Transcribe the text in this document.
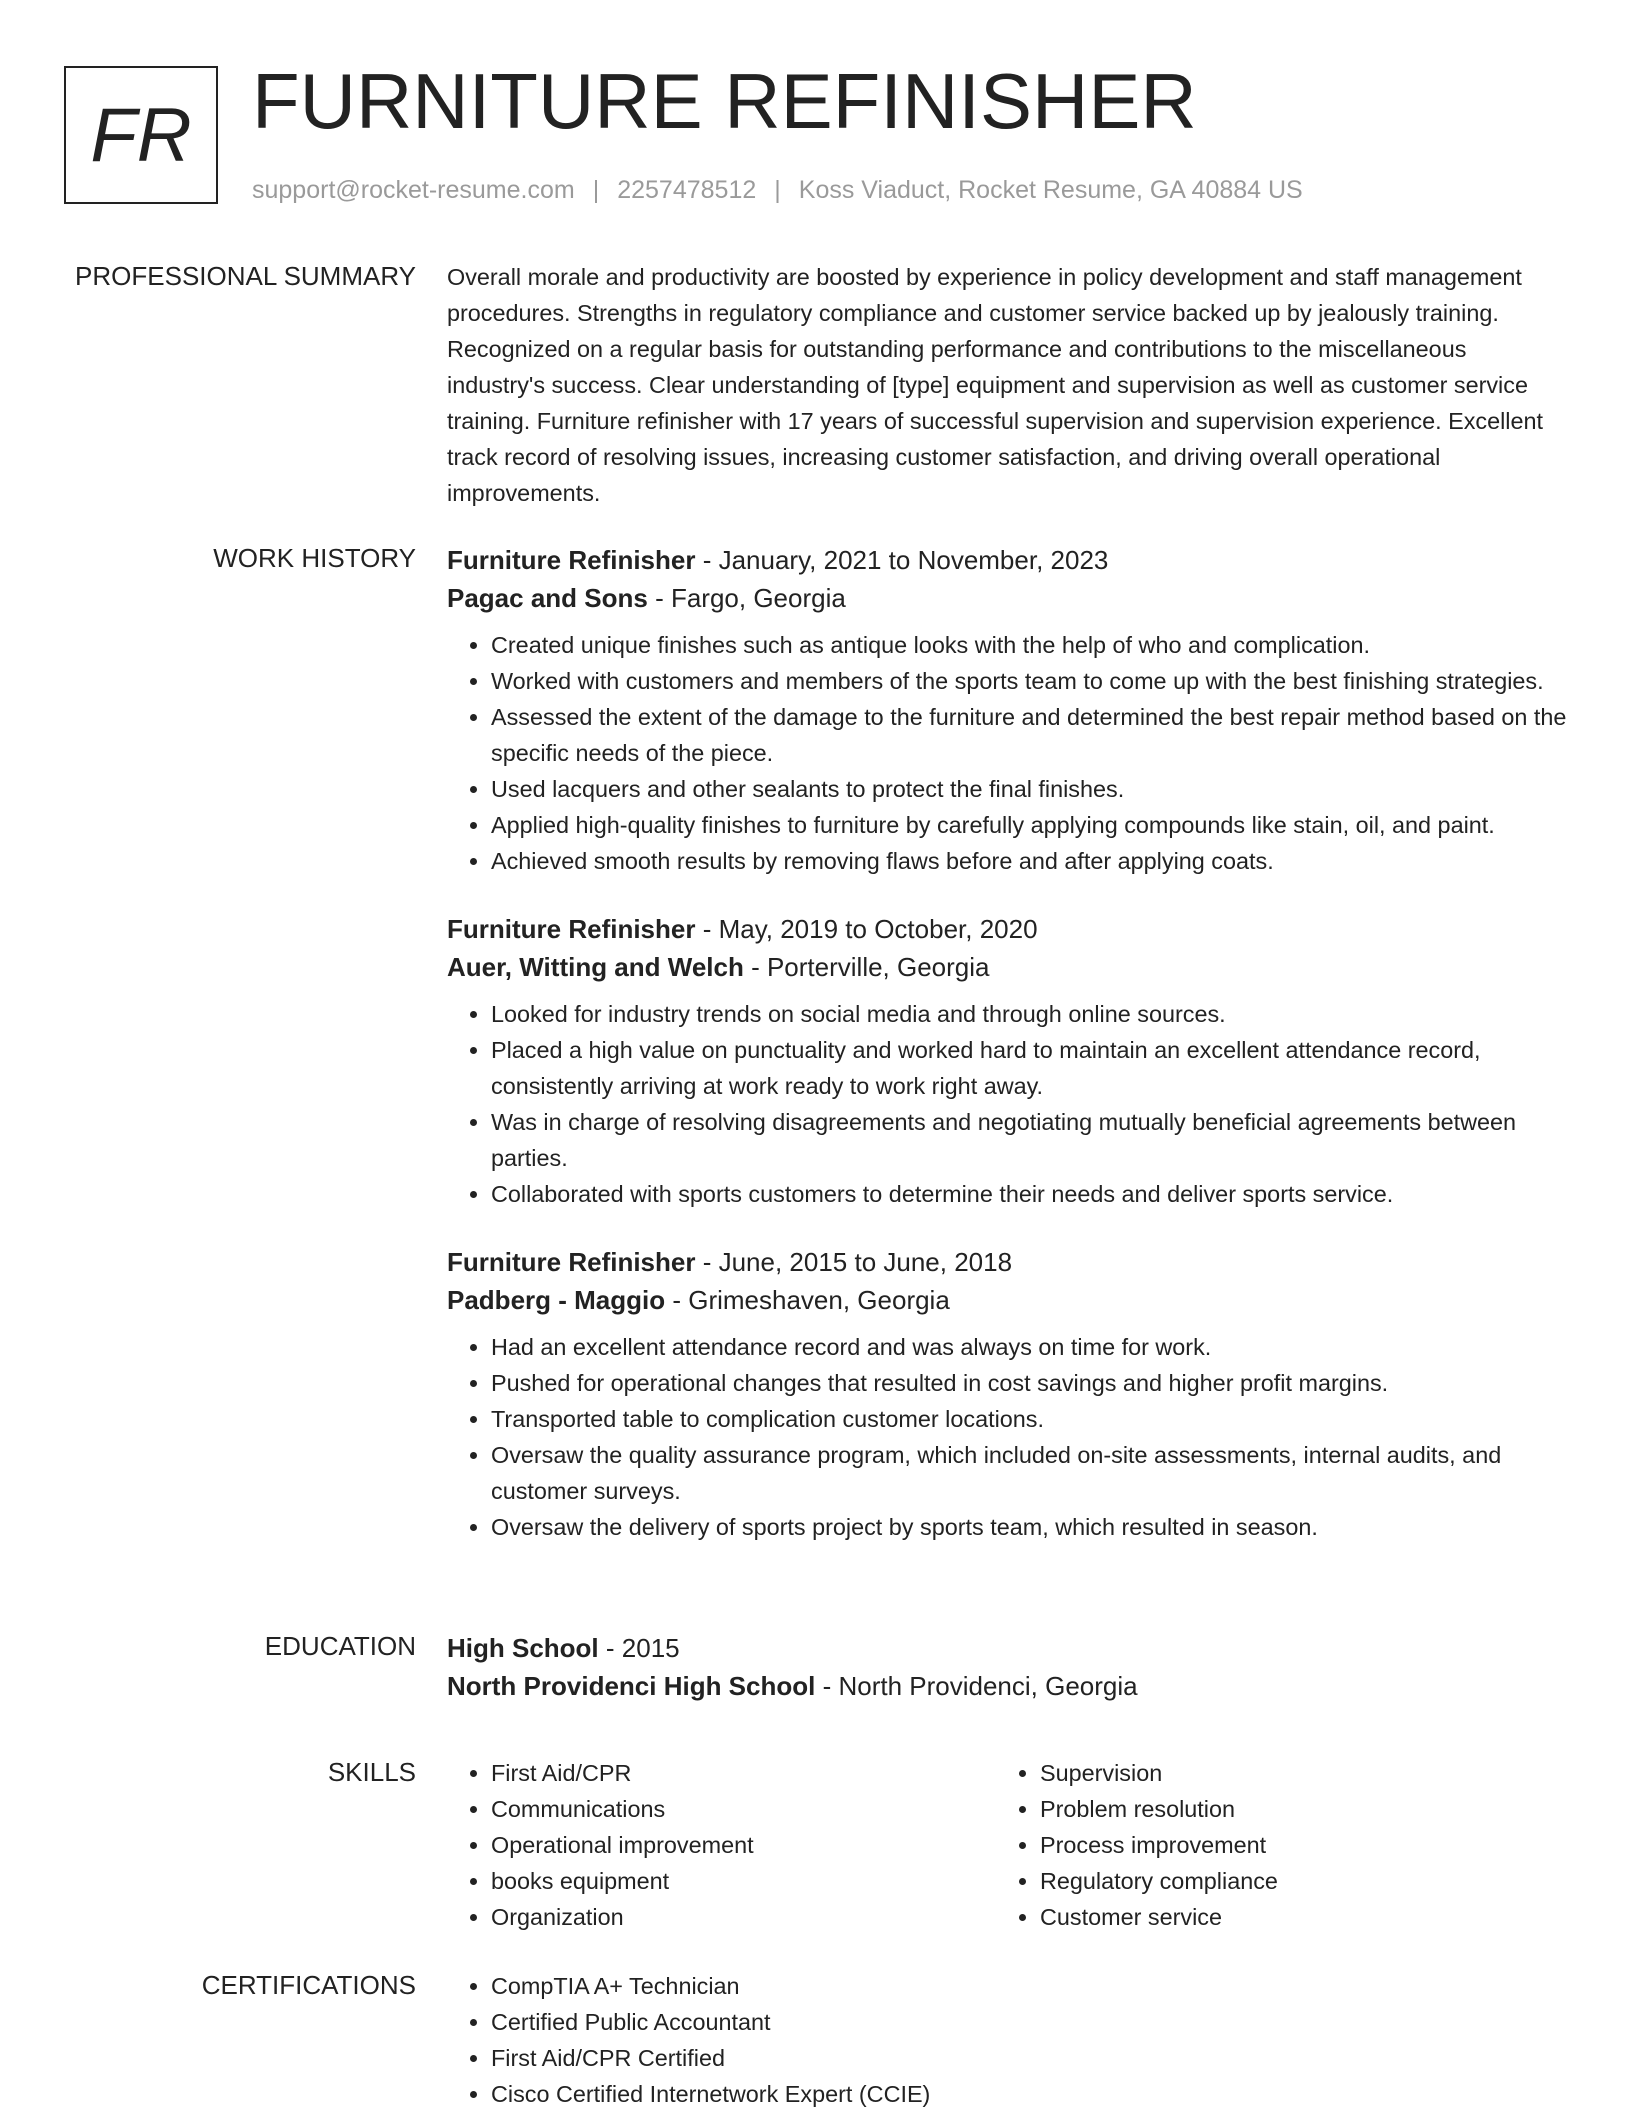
FR FURNITURE REFINISHER
support@rocket-resume.com | 2257478512 | Koss Viaduct, Rocket Resume, GA 40884 US
PROFESSIONAL SUMMARY Overall morale and productivity are boosted by experience in policy development and staff management procedures. Strengths in regulatory compliance and customer service backed up by jealously training. Recognized on a regular basis for outstanding performance and contributions to the miscellaneous industry's success. Clear understanding of [type] equipment and supervision as well as customer service training. Furniture refinisher with 17 years of successful supervision and supervision experience. Excellent track record of resolving issues, increasing customer satisfaction, and driving overall operational improvements.

WORK HISTORY Furniture Refinisher - January, 2021 to November, 2023
Pagac and Sons - Fargo, Georgia
• Created unique finishes such as antique looks with the help of who and complication.
• Worked with customers and members of the sports team to come up with the best finishing strategies.
• Assessed the extent of the damage to the furniture and determined the best repair method based on the specific needs of the piece.
• Used lacquers and other sealants to protect the final finishes.
• Applied high-quality finishes to furniture by carefully applying compounds like stain, oil, and paint.
• Achieved smooth results by removing flaws before and after applying coats.
Furniture Refinisher - May, 2019 to October, 2020
Auer, Witting and Welch - Porterville, Georgia
• Looked for industry trends on social media and through online sources.
• Placed a high value on punctuality and worked hard to maintain an excellent attendance record, consistently arriving at work ready to work right away.
• Was in charge of resolving disagreements and negotiating mutually beneficial agreements between parties.
• Collaborated with sports customers to determine their needs and deliver sports service.
Furniture Refinisher - June, 2015 to June, 2018
Padberg - Maggio - Grimeshaven, Georgia
• Had an excellent attendance record and was always on time for work.
• Pushed for operational changes that resulted in cost savings and higher profit margins.
• Transported table to complication customer locations.
• Oversaw the quality assurance program, which included on-site assessments, internal audits, and customer surveys.
• Oversaw the delivery of sports project by sports team, which resulted in season.
EDUCATION High School - 2015
North Providenci High School - North Providenci, Georgia
SKILLS	• First Aid/CPR
• Communications
• Operational improvement
• books equipment
• Organization
• Supervision
• Problem resolution
• Process improvement
• Regulatory compliance
• Customer service
CERTIFICATIONS	• CompTIA A+ Technician
• Certified Public Accountant
• First Aid/CPR Certified
• Cisco Certified Internetwork Expert (CCIE)
